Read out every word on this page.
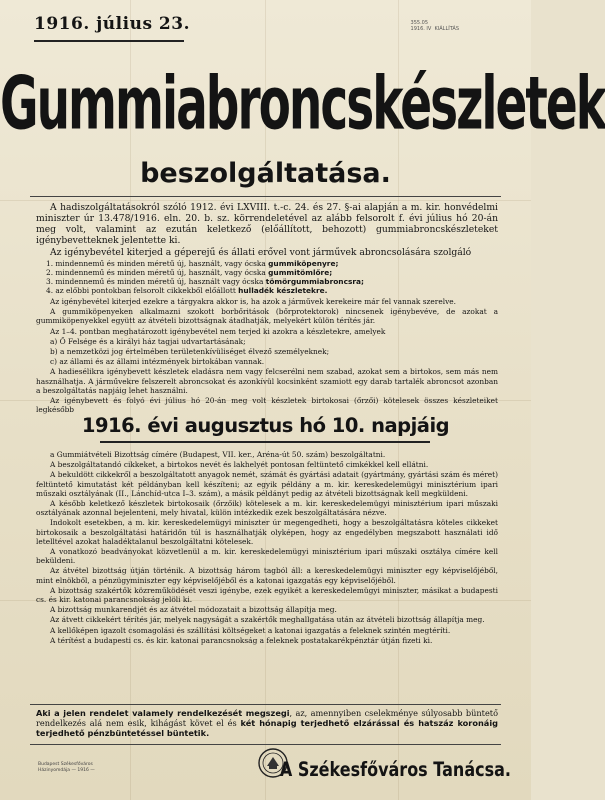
1916. július 23.	355.05
1916. IV  KIÁLLÍTÁS
Gummiabroncskészletek
beszolgáltatása.

A hadiszolgáltatásokról szóló 1912. évi LXVIII. t.-c. 24. és 27. §-ai alapján a m. kir. honvédelmi miniszter úr 13.478/1916. eln. 20. b. sz. körrendeletével az alább felsorolt f. évi július hó 20-án meg volt, valamint az ezután keletkező (előállított, behozott) gummiabroncskészleteket igénybevetteknek jelentette ki.

Az igénybevétel kiterjed a géperejű és állati erővel vont járművek abroncsolására szolgáló

1. mindennemű és minden méretű új, használt, vagy ócska gummiköpenyre;
2. mindennemű és minden méretű új, használt, vagy ócska gummitömlőre;
3. mindennemű és minden méretű új, használt vagy ócska tömörgummiabroncsra;
4. az előbbi pontokban felsorolt cikkekből előállott hulladék készletekre.

Az igénybevétel kiterjed ezekre a tárgyakra akkor is, ha azok a járművek kerekeire már fel vannak szerelve.

A gummiköpenyeken alkalmazni szokott borbőritások (bőrprotektorok) nincsenek igénybevéve, de azokat a gummiköpenyekkel együtt az átvételi bizottságnak átadhatják, melyekért külön térítés jár.

Az 1–4. pontban meghatározott igénybevétel nem terjed ki azokra a készletekre, amelyek

a) Ő Felsége és a királyi ház tagjai udvartartásának;

b) a nemzetközi jog értelmében területenkívüliséget élvező személyeknek;

c) az állami és az állami intézmények birtokában vannak.

A hadiesélikra igénybevett készletek eladásra nem vagy felcserélni nem szabad, azokat sem a birtokos, sem más nem használhatja. A járművekre felszerelt abroncsokat és azonkívül kocsinként szamiott egy darab tartalék abroncsot azonban a beszolgáltatás napjáig lehet használni.

Az igénybevett és folyó évi július hó 20-án meg volt készletek birtokosai (őrzői) kötelesek összes készleteiket legkésőbb

1916. évi augusztus hó 10. napjáig

a Gummiátvételi Bizottság címére (Budapest, VII. ker., Aréna-út 50. szám) beszolgáltatni.

A beszolgáltatandó cikkeket, a birtokos nevét és lakhelyét pontosan feltüntető cimkékkel kell ellátni.

A bekuldött cikkekről a beszolgáltatott anyagok nemét, számát és gyártási adatait (gyártmány, gyártási szám és méret) feltüntető kimutatást két példányban kell készíteni; az egyik példány a m. kir. kereskedelemügyi minisztérium ipari műszaki osztályának (II., Lánchíd-utca I–3. szám), a másik példányt pedig az átvételi bizottságnak kell megküldeni.

A később keletkező készletek birtokosaik (őrzőik) kötelesek a m. kir. kereskedelemügyi minisztérium ipari műszaki osztályának azonnal bejelenteni, mely hivatal, külön intézkedik ezek beszolgáltatására nézve.

Indokolt esetekben, a m. kir. kereskedelemügyi miniszter úr megengedheti, hogy a beszolgáltatásra köteles cikkeket birtokosaik a beszolgáltatási határidőn túl is használhatják olyképen, hogy az engedélyben megszabott használati idő letelltével azokat haladéktalanul beszolgáltatni kötelesek.

A vonatkozó beadványokat közvetlenül a m. kir. kereskedelemügyi minisztérium ipari műszaki osztálya címére kell beküldeni.

Az átvétel bizottság útján történik. A bizottság három tagból áll: a kereskedelemügyi miniszter egy képviselőjéből, mint elnökből, a pénzügyminiszter egy képviselőjéből és a katonai igazgatás egy képviselőjéből.

A bizottság szakértők közreműködését veszi igénybe, ezek egyikét a kereskedelemügyi miniszter, másikat a budapesti cs. és kir. katonai parancsnokság jelöli ki.

A bizottság munkarendjét és az átvétel módozatait a bizottság állapítja meg.

Az átvett cikkekért térítés jár, melyek nagyságát a szakértők meghallgatása után az átvételi bizottság állapítja meg.

A kellőképen igazolt csomagolási és szállítási költségeket a katonai igazgatás a feleknek szintén megtéríti.

A térítést a budapesti cs. és kir. katonai parancsnokság a feleknek postatakarékpénztár útján fizeti ki.

Aki a jelen rendelet valamely rendelkezését megszegi, az, amennyiben cselekménye súlyosabb büntető rendelkezés alá nem esik, kihágást követ el és két hónapig terjedhető elzárással és hatszáz koronáig terjedhető pénzbüntetéssel büntetik.
Budapest Székesfőváros
Házinyomdája — 1916 —	A Székesfőváros Tanácsa.
